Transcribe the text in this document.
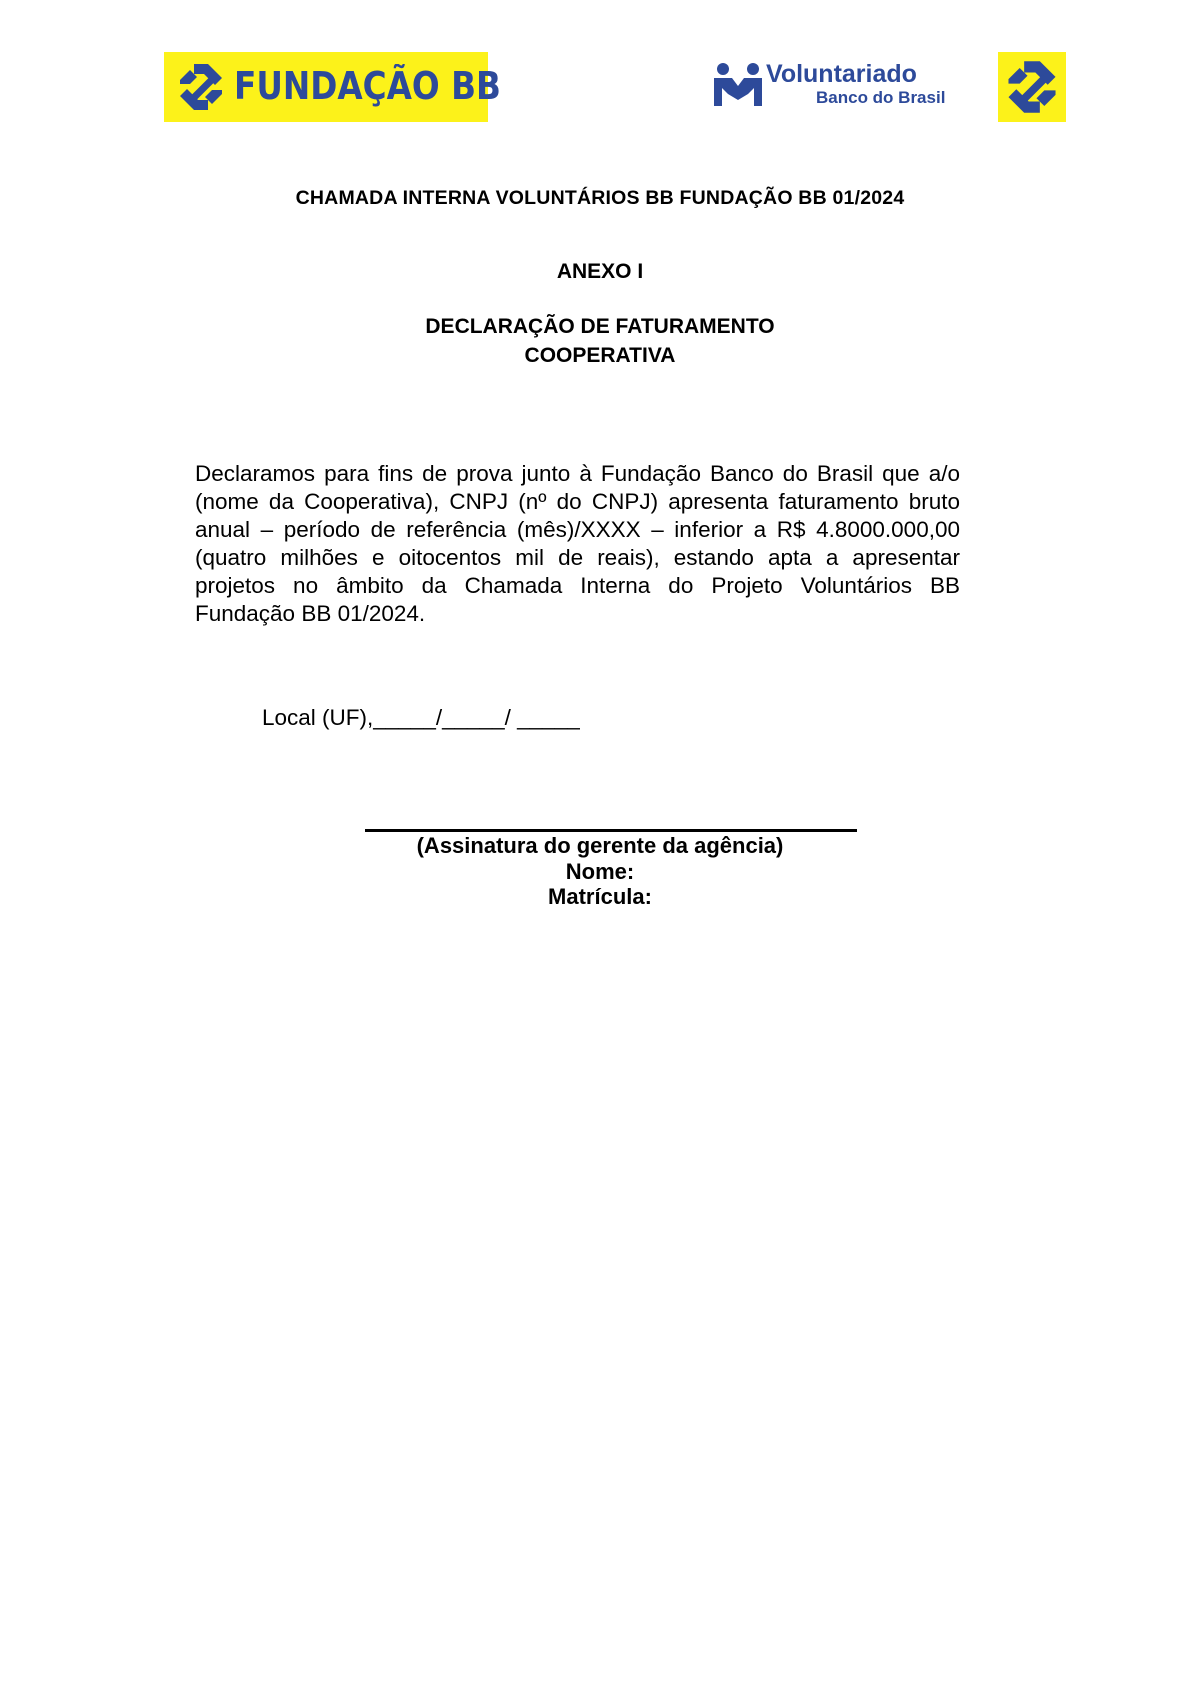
FUNDAÇÃO BB	Voluntariado
Banco do Brasil
CHAMADA INTERNA VOLUNTÁRIOS BB FUNDAÇÃO BB 01/2024
ANEXO I
DECLARAÇÃO DE FATURAMENTO
COOPERATIVA

Declaramos para fins de prova junto à Fundação Banco do Brasil que a/o (nome da Cooperativa), CNPJ (nº do CNPJ) apresenta faturamento bruto anual – período de referência (mês)/XXXX – inferior a R$ 4.8000.000,00 (quatro milhões e oitocentos mil de reais), estando apta a apresentar projetos no âmbito da Chamada Interna do Projeto Voluntários BB Fundação BB 01/2024.

Local (UF),_____/_____/ _____
(Assinatura do gerente da agência)
Nome:
Matrícula:
